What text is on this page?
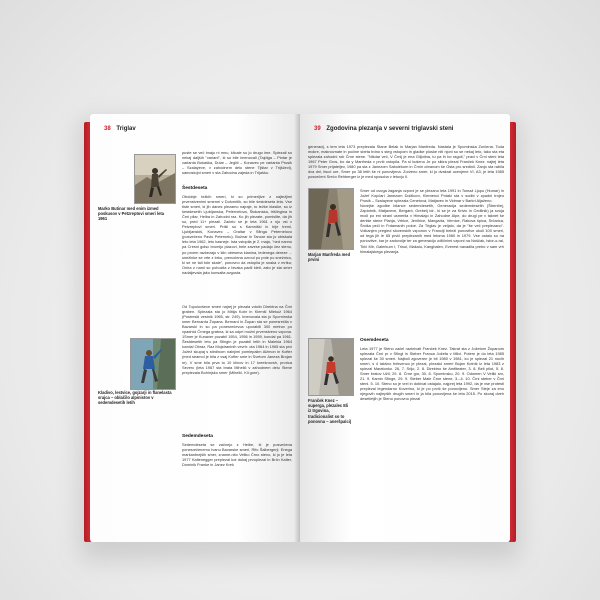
38 Triglav
Marko Butinar med enim izmed poskusov v Petzreptovi smeri leta 1961
Kladivo, lestvice, gojzarji in flanelasta srajca – oblačilo alpinistov v sedemdesetih letih
puste se več imajo ni mnu, klicale so jo drugo ime. Splezali so nekaj daljših "variant", ki so bile imenovali (Tajdiga – Pintar je varianta Bukaška, Dular – Jeglič – Konavec pe varianta Prusik – Szalayeve, v zahodnem delu stene Tijštar v Trijščevi), samostojni smeri v sta Zahodna zajeda in Trijaško.
Šestdeseta
Obdobje težkih smeri, ki so primerljive z najtežjimi prvenstvenimi smermi v Dolomitih, so bile šestdeseta leta. Vse tiste smeri, ki jih danes plezamo najraje, to težke klasike, so iz šestdesetih Ljubljanska, Peternelova, Štokanska, trišlingina in Črni pilar, Helba in Zahodni raz. Ko jih plezate, pomislite, da jih so, pred 11+ plezali. Začelo se je leta 1961 z njo vsi v Petzreptovi smeri. Prišli so s Kamniški in trije tremi, Ljubljanskiš, Konavec – Oraltar v Sfinga Peternelovo (posvečeno Pavlu Peternelu). Božnar in Tancar sta jo obiskala leto leta 1962, leto kasneje. Ista vstopila je 2. maja, "ned nanno pa Cresni golsc brumijo plazovi, bele zavese padajo čez steno, po prvem razkezaju v klin obesena klanina, ledenega dereze ... snežinke se vrte z brku, prenočena ozroul po pote po snežnico, ki se ne tali tole skale", ponovno da vstopila je snaka v mrtku; Onira z nami so pohozila z bivaka padli kleti, zato je sta smer nadaljevala jako konsalta avgusta.
Od Topolovševe smeri najrej je plezala vdolin Direktna na Črni graben. Splezala sta jo Mitija Kobr in Klemšl Mlekuž 1964 (Postreski vestnik 1965, str. 249). Imenovala sta jo Sporninska smer Bernarda Župana. Bernard in Župan sta se ponesrečila v Bavarski in so pa ponesrečevca uporabili 300 metrov po vpadnici Črnega grabna, ki sa odprl možni prvenstveno vzpona. 1Smer je Kunaver pozabil 1954, 1956 in 1959, kondal pa 1961. Šestdesetih leto pa Sfingin je pozabil letih in Malekla 1964 kondal Obraz, Raz Mojstraninih vevrh: ota 1964 in 1965 sta prvi Jožež skupaj s stirdinom nalnjimi pomlepalim Alžmon in Kofter (med seamol je bila z vsaj Kofter sme in Svetom Janeza Brojan m). V sme bila prva to 10 kilnov in 17 kreeknovsh, prorica Severc (leta 1967 sta brata Mihelič v zahodnem delu Stene preplezala Bohinjsko smer (Mihelič, Kli gore).
Sedemdeseta
Sedemdeseta se začnejo z Helbe, ki je posvečena ponesrečenemu Ivanu Bavarske smeri, Rifo Šalbergerji. Enega markantnejših smer, zname-nito Veliko Črno steno, ki jo je leta 1977 Kaltenegger preplezal kot dokaj prvoplezal in Brčn Kalter, Dominik Franke in Janez Krek
39 Zgodovina plezanja v severni triglavski steni
generacij, s tem leta 1973 preplezala Stane Belak in Marjan Manfreda. Nastala je Spominska Zorčena. Toda mokre, maknovnate in počine sbeta trdno s steg vstopom in gladke ploske niti njoni so se nekaj leto, tako sta eta splezala zahodni rob Črne stene. "Nikdar več, V Črnij je ena Giljotina, tu pa ih bo ragoli," pravi v Črni steni leta 1967 Peter Gros, bo da y Manfreda v prvič vstopila. Pa si kušeno Je po sikira plezal Franček Knez: najtej leta 1979 Smer prijateljev, 1980 pa sta z Janezom Sabolekom in Črnin obranom še Osta pro sredinii. Zanjo sta rabila dva dni, tisoč ure, Smer po 38 letih še ni ponovljena. Zorženo smer, ki jo dvakrat ocenjene VI, A3, je leta 1985 posvečeni Srečo Rehberger iz je med sposoba v letovju II.
Marjan Manfreda med prvini
Smer od ovoga žaganja vzponi je se plezano leta 1991 in Tomaž Ljopu (Humar) in Jožef Kopčari Janezom Dolžkom, Klemenci Potaki sta v sodbi v zpadni trojeu Prusik – Szalayeve splezala Cenetová, Matjavec in Vidmar v Barkri Aljaženo.
Novejše zgodbe bilance sedemdesetih, Generacija sedemdesetih (Štrenfrej, Zapiotnik, Matjaveve, Bergant, Grebelj idr., ki se je za Krivic in Cedilnik) ja svoja moči po eni strani usmerila v Himalajo in Zahodne Alpe, do drugi pe v taknet še deniše stene Planja, Vrbice, Jenihice, Mangarta, Vernice, Rakova špica, Srčarica, Šmika peči in Frdamanih poloe. Za Triglav je veljalo, da je "še več preplezano". Volkanjen pregled slovenskih vzponov v Francijl beleži ponovitve okoli 100 smeri, od tega jih le 65 prvič preplezanih med letoma 1960 in 1979. Vse ostalo so na ponovitve, kar je zadovolje ter za generacijo odličnimi vzponi na Noščak, Istor-o-ral, Tirič Mir, Galerkum I, Trisul, Makalu, Kangbalen, Everest navadila prebo v sam vrh himalajskega plezanja.
Franček Knez – superga, plezalec Eli iz trgovina, tradicionalist so to ponovna – aneršpalci)
Osemdeseta
Leta 1977 je Steno začel razkrivati Franček Knez. Takrat sta z Jožetom Županom splezala Črni pr v Sfingi in Steber Franca Jožefa v Mlici. Potem je do leta 1985 splezal še 30 smeri. Najboli zgoveren je bil 1980 v 1981, ko je splezal 21 novih smeri, s 4 takšno frekvenco je plezal, plezalci smeri Bojan Kotnik iz leta 1983 z splezal Maratonko. 26, 7. Srijo, 2. 8. Direktno še Amfiteater, 3. 8. Beli pilot, 5. 8. Smer bratov Užil, 29. 8. Črne gor, 30. 8. Spominsko, 20. 9. Odomen V Veliki sm, 21. 9. Kamin Sfinge, 29. 9. Steber Male Črne stene, 3.–4. 10. Črni steber v Črni steni. 5. 10. Steno so je vrel in dobivat ostajalo, najprej leta 1992, da je vse protesti preplezal legendarno Koverino, ki je po prvič še ponovljeno. Smer Steje za eno njegovih najlepših drugih smeri in ja bila ponovljena še leta 2015. Po skoraj dveh desetletjih je Steno ponovno plezal
